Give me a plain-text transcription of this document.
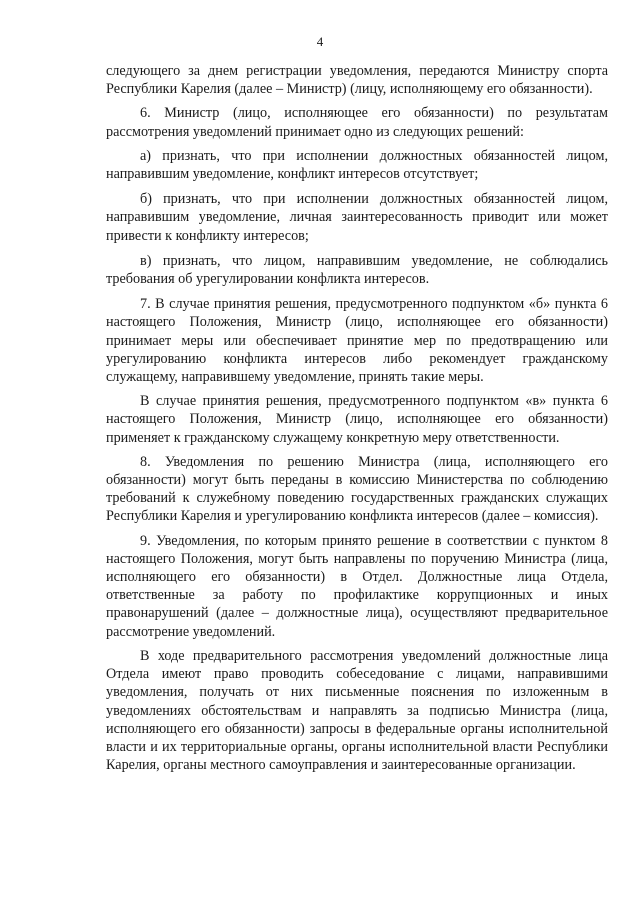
4

следующего за днем регистрации уведомления, передаются Министру спорта Республики Карелия (далее – Министр) (лицу, исполняющему его обязанности).

6. Министр (лицо, исполняющее его обязанности) по результатам рассмотрения уведомлений принимает одно из следующих решений:

а) признать, что при исполнении должностных обязанностей лицом, направившим уведомление, конфликт интересов отсутствует;

б) признать, что при исполнении должностных обязанностей лицом, направившим уведомление, личная заинтересованность приводит или может привести к конфликту интересов;

в) признать, что лицом, направившим уведомление, не соблюдались требования об урегулировании конфликта интересов.

7. В случае принятия решения, предусмотренного подпунктом «б» пункта 6 настоящего Положения, Министр (лицо, исполняющее его обязанности) принимает меры или обеспечивает принятие мер по предотвращению или урегулированию конфликта интересов либо рекомендует гражданскому служащему, направившему уведомление, принять такие меры.

В случае принятия решения, предусмотренного подпунктом «в» пункта 6 настоящего Положения, Министр (лицо, исполняющее его обязанности) применяет к гражданскому служащему конкретную меру ответственности.

8. Уведомления по решению Министра (лица, исполняющего его обязанности) могут быть переданы в комиссию Министерства по соблюдению требований к служебному поведению государственных гражданских служащих Республики Карелия и урегулированию конфликта интересов (далее – комиссия).

9. Уведомления, по которым принято решение в соответствии с пунктом 8 настоящего Положения, могут быть направлены по поручению Министра (лица, исполняющего его обязанности) в Отдел. Должностные лица Отдела, ответственные за работу по профилактике коррупционных и иных правонарушений (далее – должностные лица), осуществляют предварительное рассмотрение уведомлений.

В ходе предварительного рассмотрения уведомлений должностные лица Отдела имеют право проводить собеседование с лицами, направившими уведомления, получать от них письменные пояснения по изложенным в уведомлениях обстоятельствам и направлять за подписью Министра (лица, исполняющего его обязанности) запросы в федеральные органы исполнительной власти и их территориальные органы, органы исполнительной власти Республики Карелия, органы местного самоуправления и заинтересованные организации.
